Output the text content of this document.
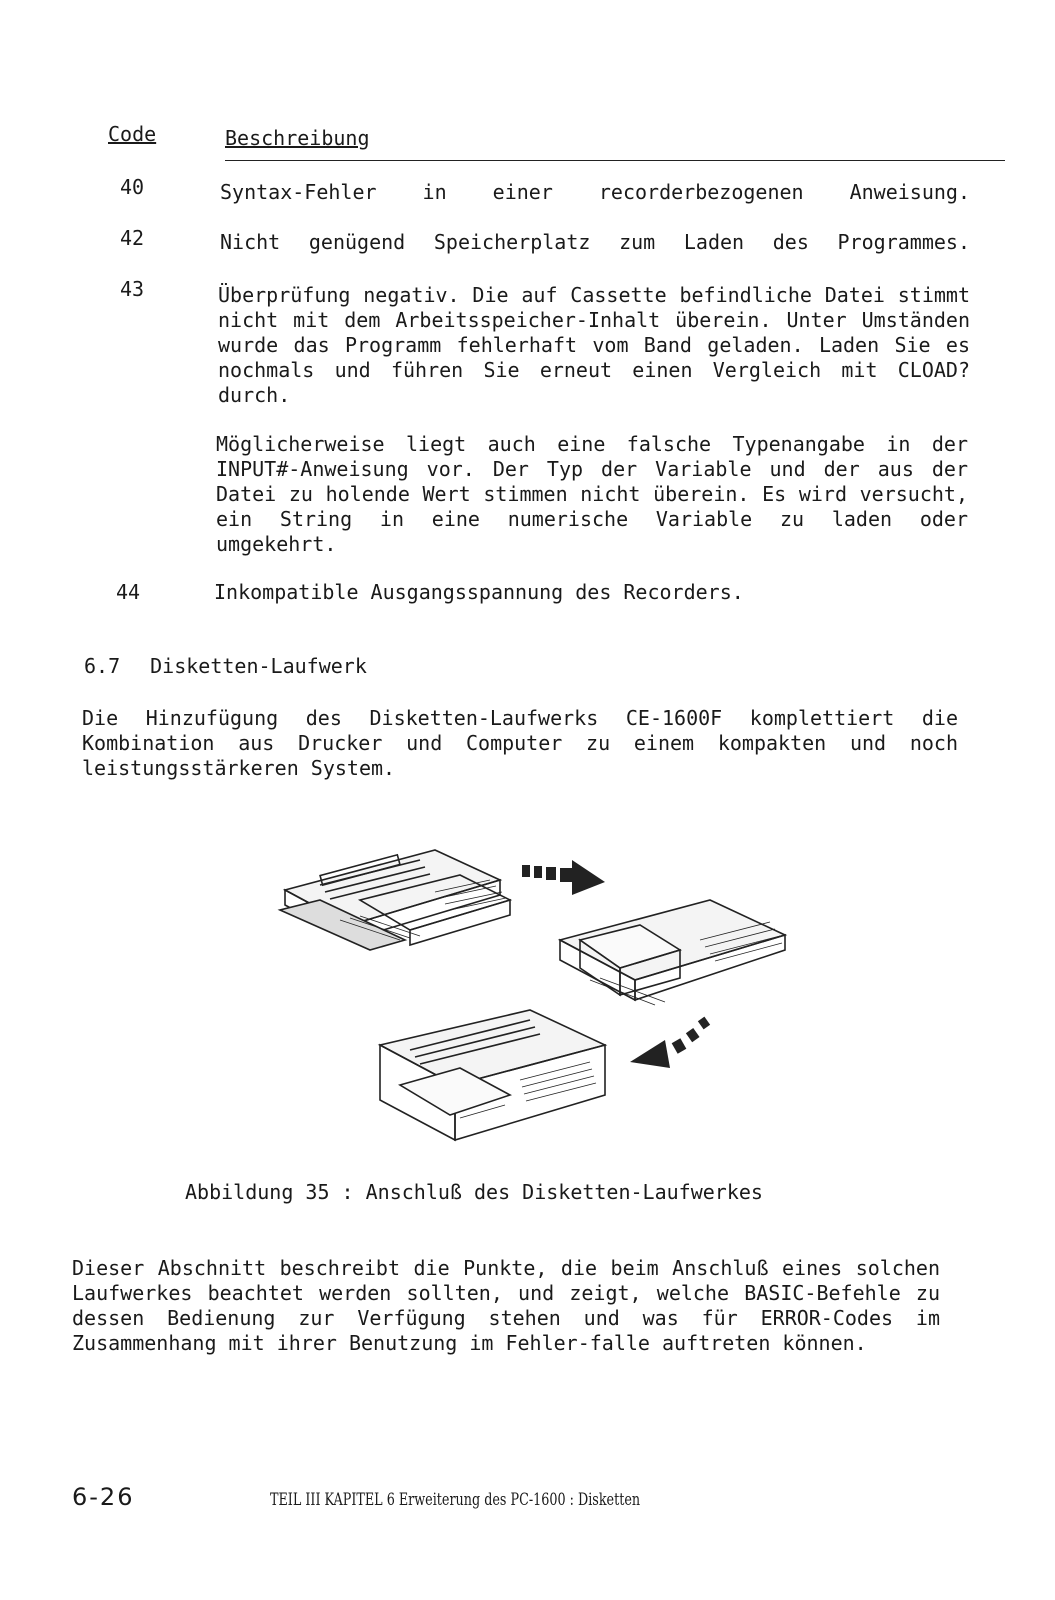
Code	Beschreibung
40	Syntax-Fehler in einer recorderbezogenen Anweisung.
42	Nicht genügend Speicherplatz zum Laden des Programmes.
43	Überprüfung negativ. Die auf Cassette befindliche Datei stimmt nicht mit dem Arbeitsspeicher-Inhalt überein. Unter Umständen wurde das Programm fehlerhaft vom Band geladen. Laden Sie es nochmals und führen Sie erneut einen Vergleich mit CLOAD? durch.
Möglicherweise liegt auch eine falsche Typenangabe in der INPUT#-Anweisung vor. Der Typ der Variable und der aus der Datei zu holende Wert stimmen nicht überein. Es wird versucht, ein String in eine numerische Variable zu laden oder umgekehrt.
44	Inkompatible Ausgangsspannung des Recorders.
6.7 Disketten-Laufwerk
Die Hinzufügung des Disketten-Laufwerks CE-1600F komplettiert die Kombination aus Drucker und Computer zu einem kompakten und noch leistungsstärkeren System.
Abbildung 35 : Anschluß des Disketten-Laufwerkes
Dieser Abschnitt beschreibt die Punkte, die beim Anschluß eines solchen Laufwerkes beachtet werden sollten, und zeigt, welche BASIC-Befehle zu dessen Bedienung zur Verfügung stehen und was für ERROR-Codes im Zusammenhang mit ihrer Benutzung im Fehler-falle auftreten können.
6-26	TEIL III KAPITEL 6 Erweiterung des PC-1600 : Disketten
